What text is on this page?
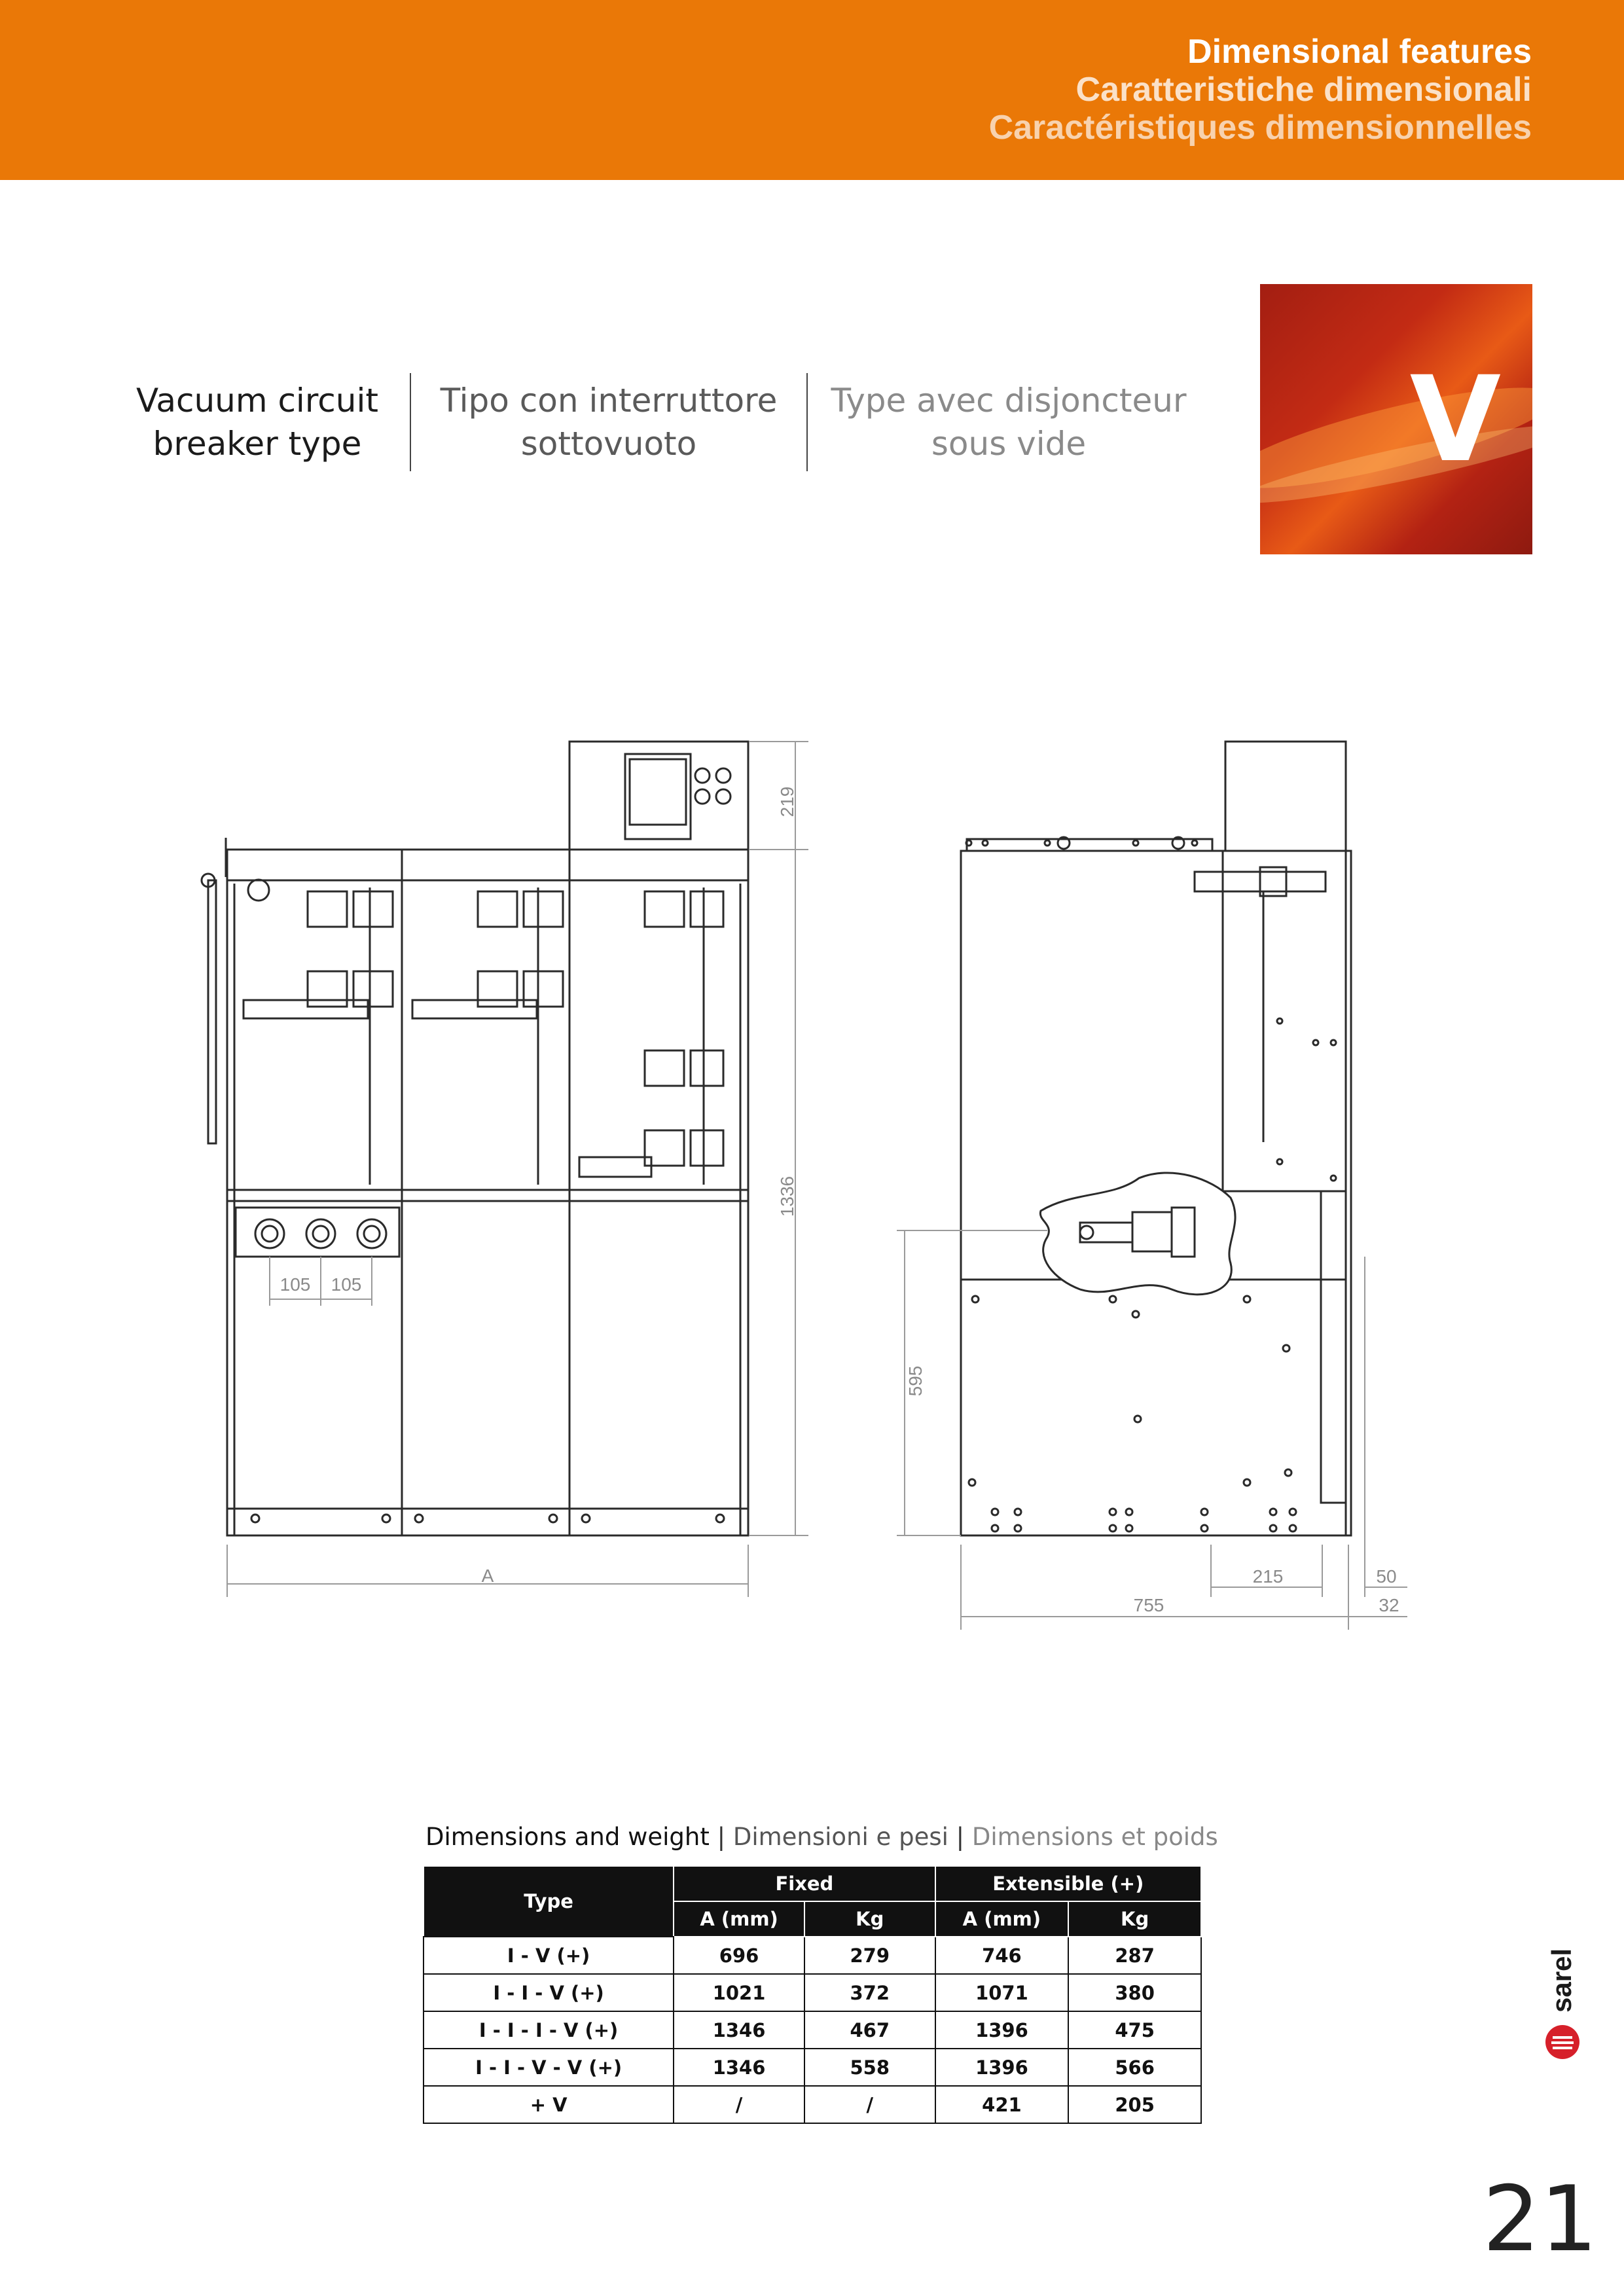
Dimensional features
Caratteristiche dimensionali
Caractéristiques dimensionnelles
Vacuum circuit
breaker type
Tipo con interruttore
sottovuoto
Type avec disjoncteur
sous vide	V
219
1336
105 105
A
595
215	50
755	32
Dimensions and weight | Dimensioni e pesi | Dimensions et poids
Type	Fixed		Extensible (+)	
	A (mm)	Kg	A (mm)	Kg
I - V (+)	696	279	746	287
I - I - V (+)	1021	372	1071	380
I - I - I - V (+)	1346	467	1396	475
I - I - V - V (+)	1346	558	1396	566
+ V	/	/	421	205
sarel
21
